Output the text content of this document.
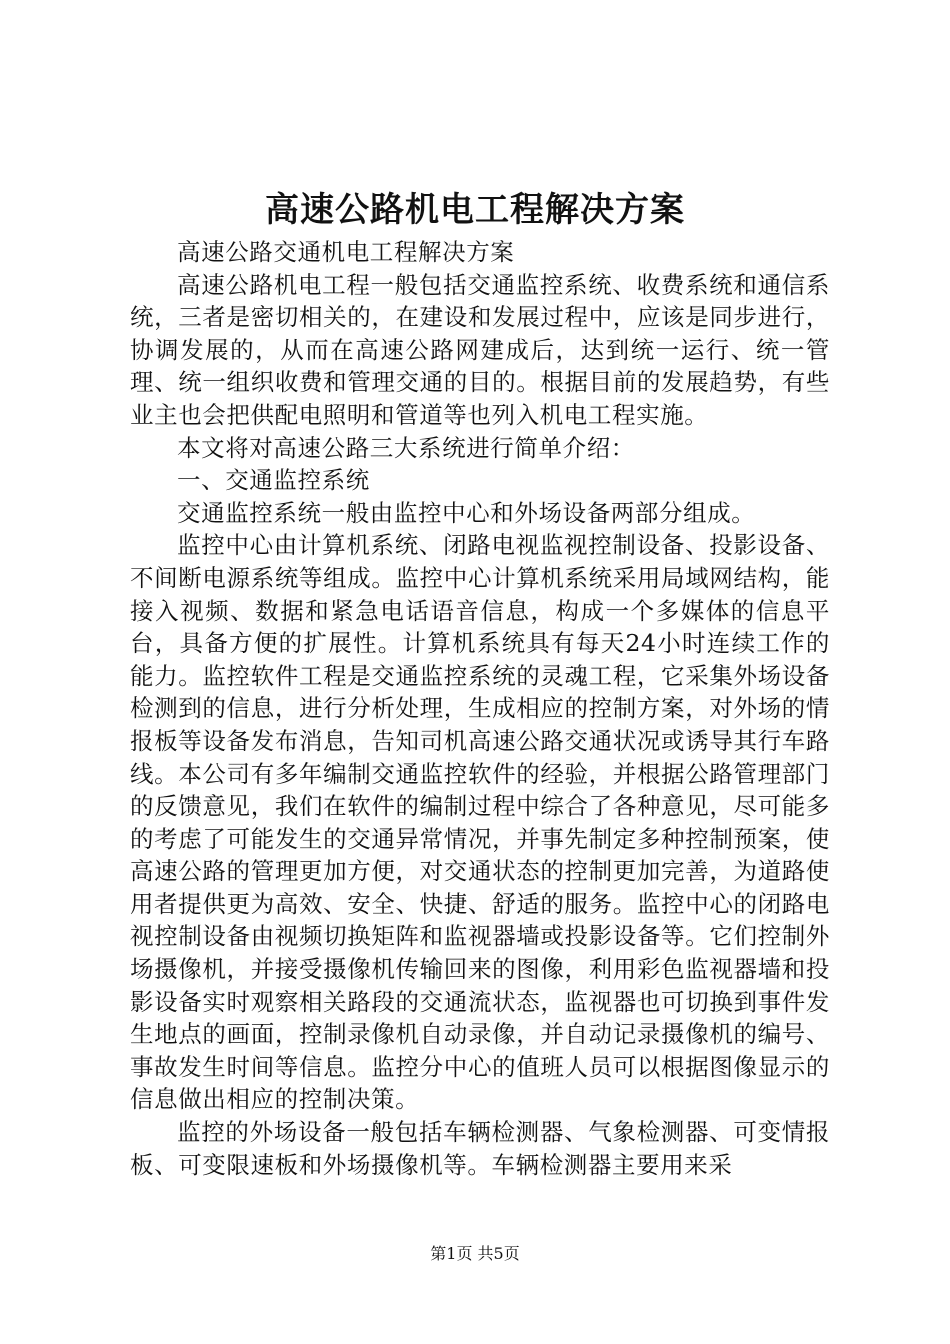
高速公路机电工程解决方案

高速公路交通机电工程解决方案

高速公路机电工程一般包括交通监控系统、收费系统和通信系统，三者是密切相关的，在建设和发展过程中，应该是同步进行，协调发展的，从而在高速公路网建成后，达到统一运行、统一管理、统一组织收费和管理交通的目的。根据目前的发展趋势，有些业主也会把供配电照明和管道等也列入机电工程实施。

本文将对高速公路三大系统进行简单介绍：

一、交通监控系统

交通监控系统一般由监控中心和外场设备两部分组成。

监控中心由计算机系统、闭路电视监视控制设备、投影设备、不间断电源系统等组成。监控中心计算机系统采用局域网结构，能接入视频、数据和紧急电话语音信息，构成一个多媒体的信息平台，具备方便的扩展性。计算机系统具有每天24小时连续工作的能力。监控软件工程是交通监控系统的灵魂工程，它采集外场设备检测到的信息，进行分析处理，生成相应的控制方案，对外场的情报板等设备发布消息，告知司机高速公路交通状况或诱导其行车路线。本公司有多年编制交通监控软件的经验，并根据公路管理部门的反馈意见，我们在软件的编制过程中综合了各种意见，尽可能多的考虑了可能发生的交通异常情况，并事先制定多种控制预案，使高速公路的管理更加方便，对交通状态的控制更加完善，为道路使用者提供更为高效、安全、快捷、舒适的服务。监控中心的闭路电视控制设备由视频切换矩阵和监视器墙或投影设备等。它们控制外场摄像机，并接受摄像机传输回来的图像，利用彩色监视器墙和投影设备实时观察相关路段的交通流状态，监视器也可切换到事件发生地点的画面，控制录像机自动录像，并自动记录摄像机的编号、事故发生时间等信息。监控分中心的值班人员可以根据图像显示的信息做出相应的控制决策。

监控的外场设备一般包括车辆检测器、气象检测器、可变情报板、可变限速板和外场摄像机等。车辆检测器主要用来采

第1页 共5页
